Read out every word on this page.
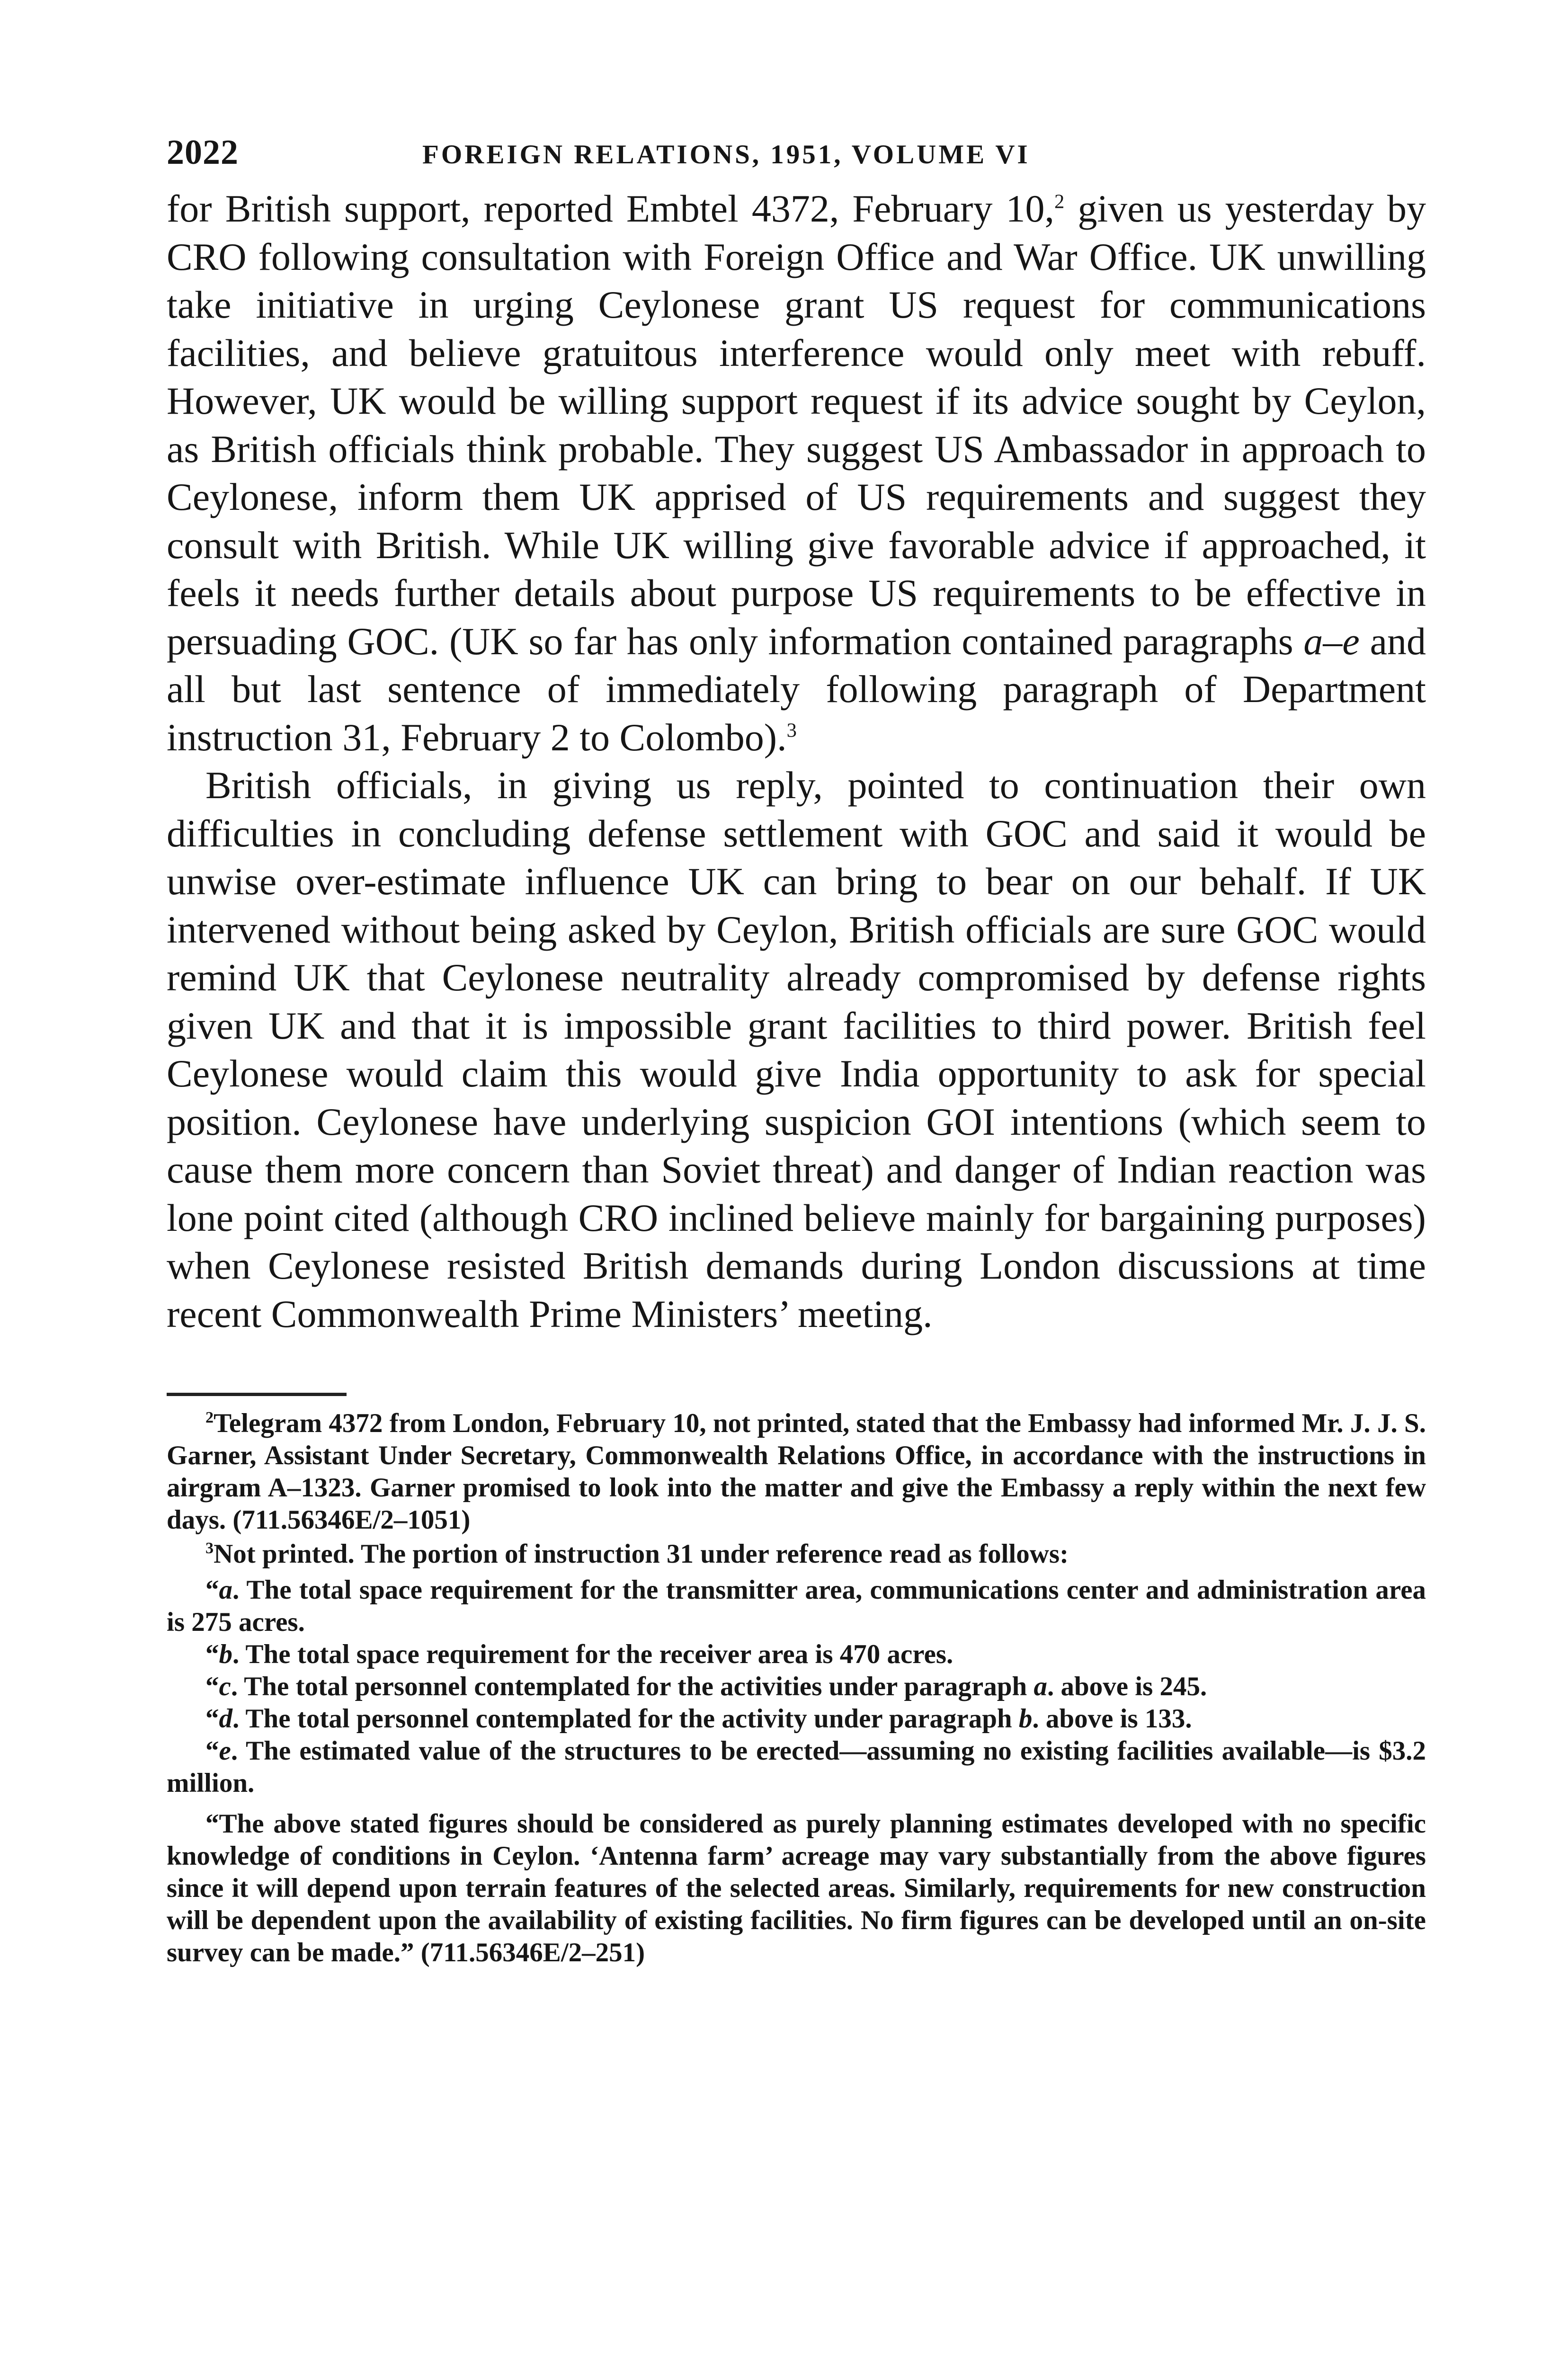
2022	FOREIGN RELATIONS, 1951, VOLUME VI

for British support, reported Embtel 4372, February 10,$^2$ given us yesterday by CRO following consultation with Foreign Office and War Office. UK unwilling take initiative in urging Ceylonese grant US request for communications facilities, and believe gratuitous interference would only meet with rebuff. However, UK would be willing support request if its advice sought by Ceylon, as British officials think probable. They suggest US Ambassador in approach to Ceylonese, inform them UK apprised of US requirements and suggest they consult with British. While UK willing give favorable advice if approached, it feels it needs further details about purpose US requirements to be effective in persuading GOC. (UK so far has only information contained paragraphs a–e and all but last sentence of immediately following paragraph of Department instruction 31, February 2 to Colombo).$^3$

British officials, in giving us reply, pointed to continuation their own difficulties in concluding defense settlement with GOC and said it would be unwise over-estimate influence UK can bring to bear on our behalf. If UK intervened without being asked by Ceylon, British officials are sure GOC would remind UK that Ceylonese neutrality already compromised by defense rights given UK and that it is impossible grant facilities to third power. British feel Ceylonese would claim this would give India opportunity to ask for special position. Ceylonese have underlying suspicion GOI intentions (which seem to cause them more concern than Soviet threat) and danger of Indian reaction was lone point cited (although CRO inclined believe mainly for bargaining purposes) when Ceylonese resisted British demands during London discussions at time recent Commonwealth Prime Ministers’ meeting.

$^2$Telegram 4372 from London, February 10, not printed, stated that the Embassy had informed Mr. J. J. S. Garner, Assistant Under Secretary, Commonwealth Relations Office, in accordance with the instructions in airgram A–1323. Garner promised to look into the matter and give the Embassy a reply within the next few days. (711.56346E/2–1051)

$^3$Not printed. The portion of instruction 31 under reference read as follows:

“a. The total space requirement for the transmitter area, communications center and administration area is 275 acres.

“b. The total space requirement for the receiver area is 470 acres.

“c. The total personnel contemplated for the activities under paragraph a. above is 245.

“d. The total personnel contemplated for the activity under paragraph b. above is 133.

“e. The estimated value of the structures to be erected—assuming no existing facilities available—is $3.2 million.

“The above stated figures should be considered as purely planning estimates developed with no specific knowledge of conditions in Ceylon. ‘Antenna farm’ acreage may vary substantially from the above figures since it will depend upon terrain features of the selected areas. Similarly, requirements for new construction will be dependent upon the availability of existing facilities. No firm figures can be developed until an on-site survey can be made.” (711.56346E/2–251)
